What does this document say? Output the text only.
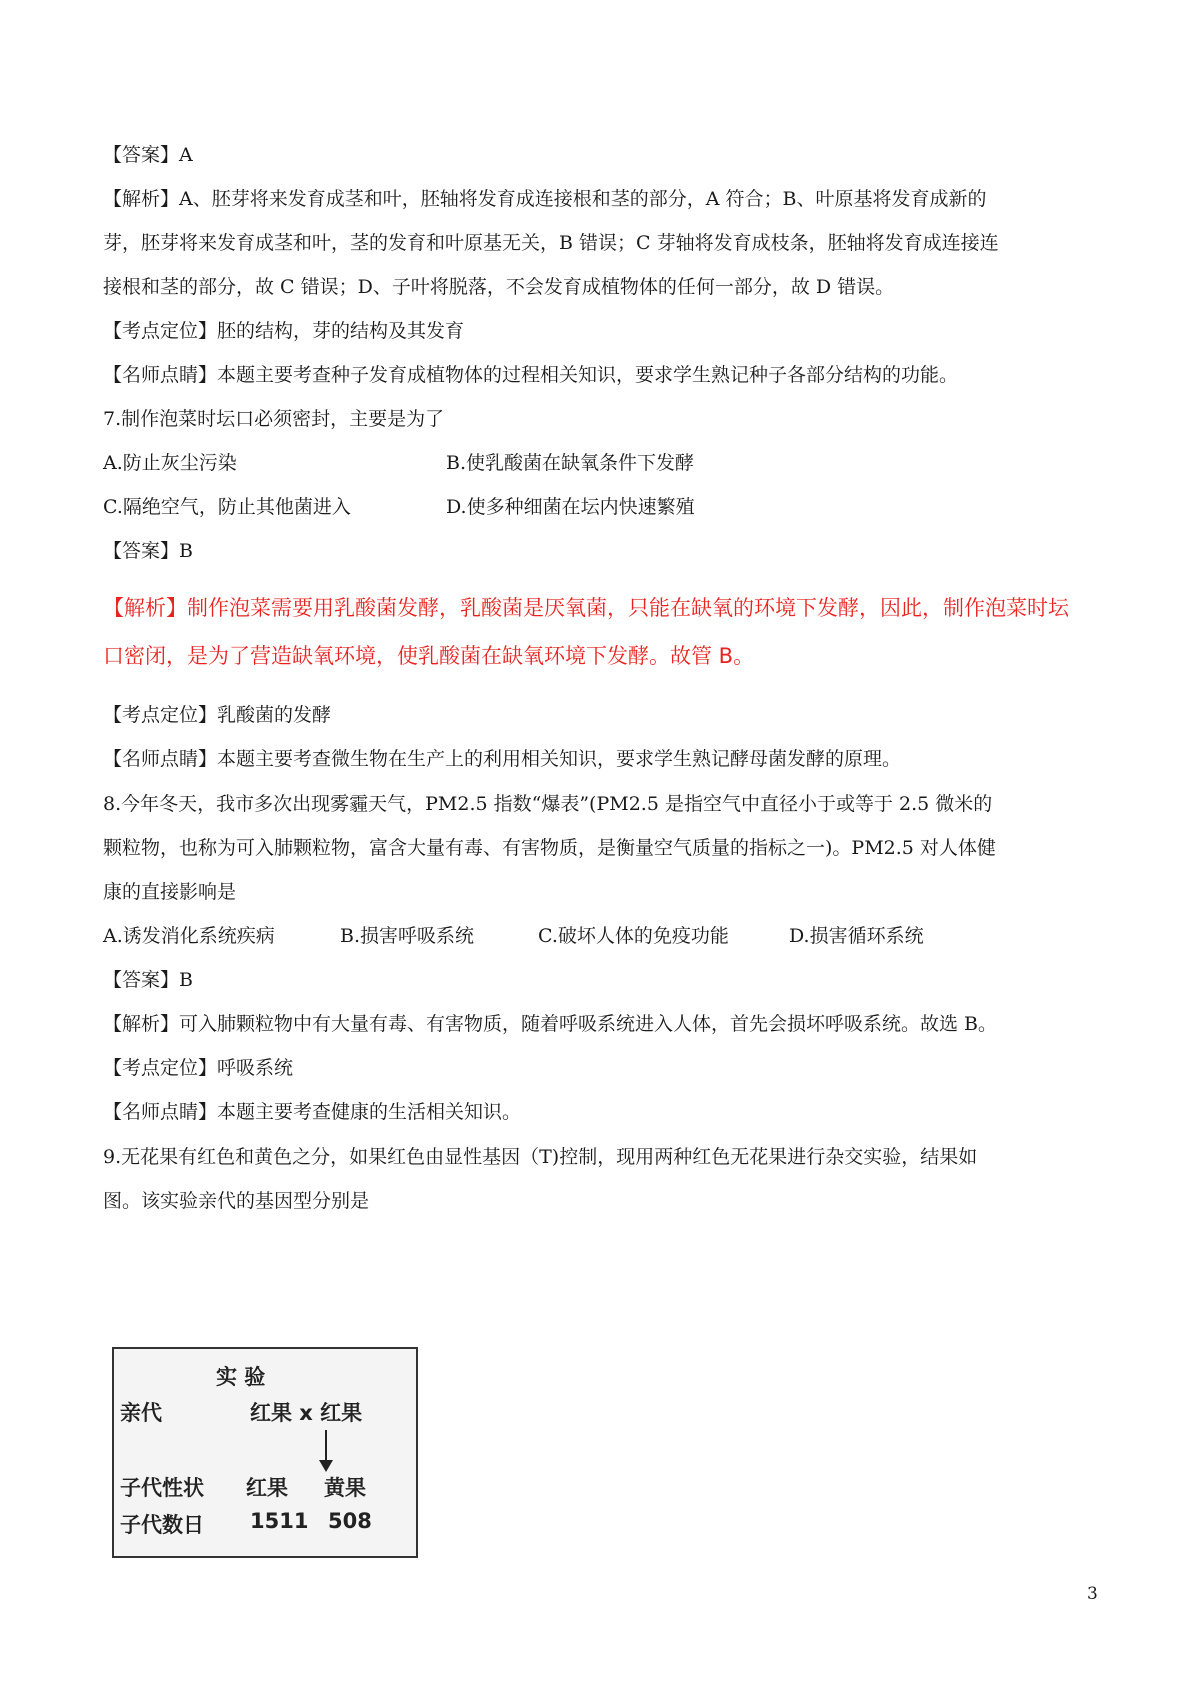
【答案】A
【解析】A、胚芽将来发育成茎和叶，胚轴将发育成连接根和茎的部分，A 符合；B、叶原基将发育成新的
芽，胚芽将来发育成茎和叶，茎的发育和叶原基无关，B 错误；C 芽轴将发育成枝条，胚轴将发育成连接连
接根和茎的部分，故 C 错误；D、子叶将脱落，不会发育成植物体的任何一部分，故 D 错误。
【考点定位】胚的结构，芽的结构及其发育
【名师点睛】本题主要考查种子发育成植物体的过程相关知识，要求学生熟记种子各部分结构的功能。
7.制作泡菜时坛口必须密封，主要是为了
A.防止灰尘污染	B.使乳酸菌在缺氧条件下发酵
C.隔绝空气，防止其他菌进入	D.使多种细菌在坛内快速繁殖
【答案】B
【解析】制作泡菜需要用乳酸菌发酵，乳酸菌是厌氧菌，只能在缺氧的环境下发酵，因此，制作泡菜时坛
口密闭，是为了营造缺氧环境，使乳酸菌在缺氧环境下发酵。故管 B。
【考点定位】乳酸菌的发酵
【名师点睛】本题主要考查微生物在生产上的利用相关知识，要求学生熟记酵母菌发酵的原理。
8.今年冬天，我市多次出现雾霾天气，PM2.5 指数“爆表”(PM2.5 是指空气中直径小于或等于 2.5 微米的
颗粒物，也称为可入肺颗粒物，富含大量有毒、有害物质，是衡量空气质量的指标之一)。PM2.5 对人体健
康的直接影响是
A.诱发消化系统疾病	B.损害呼吸系统	C.破坏人体的免疫功能	D.损害循环系统
【答案】B
【解析】可入肺颗粒物中有大量有毒、有害物质，随着呼吸系统进入人体，首先会损坏呼吸系统。故选 B。
【考点定位】呼吸系统
【名师点睛】本题主要考查健康的生活相关知识。
9.无花果有红色和黄色之分，如果红色由显性基因（T)控制，现用两种红色无花果进行杂交实验，结果如
图。该实验亲代的基因型分别是
实 验
亲代	红果 x 红果
子代性状 红果 黄果
子代数日 1511 508
3
